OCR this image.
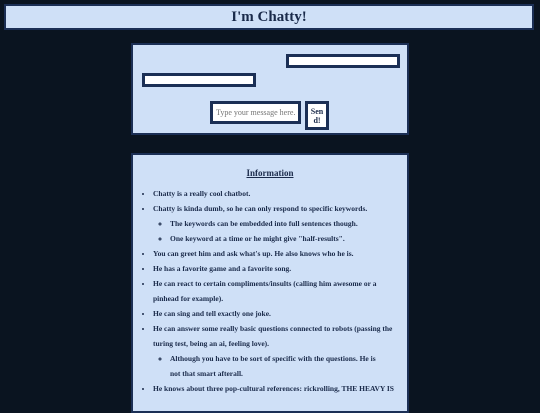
I'm Chatty!
Type your message here.
Send!
Information
• Chatty is a really cool chatbot.
• Chatty is kinda dumb, so he can only respond to specific keywords.
◦ The keywords can be embedded into full sentences though.
◦ One keyword at a time or he might give "half-results".
• You can greet him and ask what's up. He also knows who he is.
• He has a favorite game and a favorite song.
• He can react to certain compliments/insults (calling him awesome or a pinhead for example).
• He can sing and tell exactly one joke.
• He can answer some really basic questions connected to robots (passing the turing test, being an ai, feeling love).
◦ Although you have to be sort of specific with the questions. He is not that smart afterall.
• He knows about three pop-cultural references: rickrolling, THE HEAVY IS
